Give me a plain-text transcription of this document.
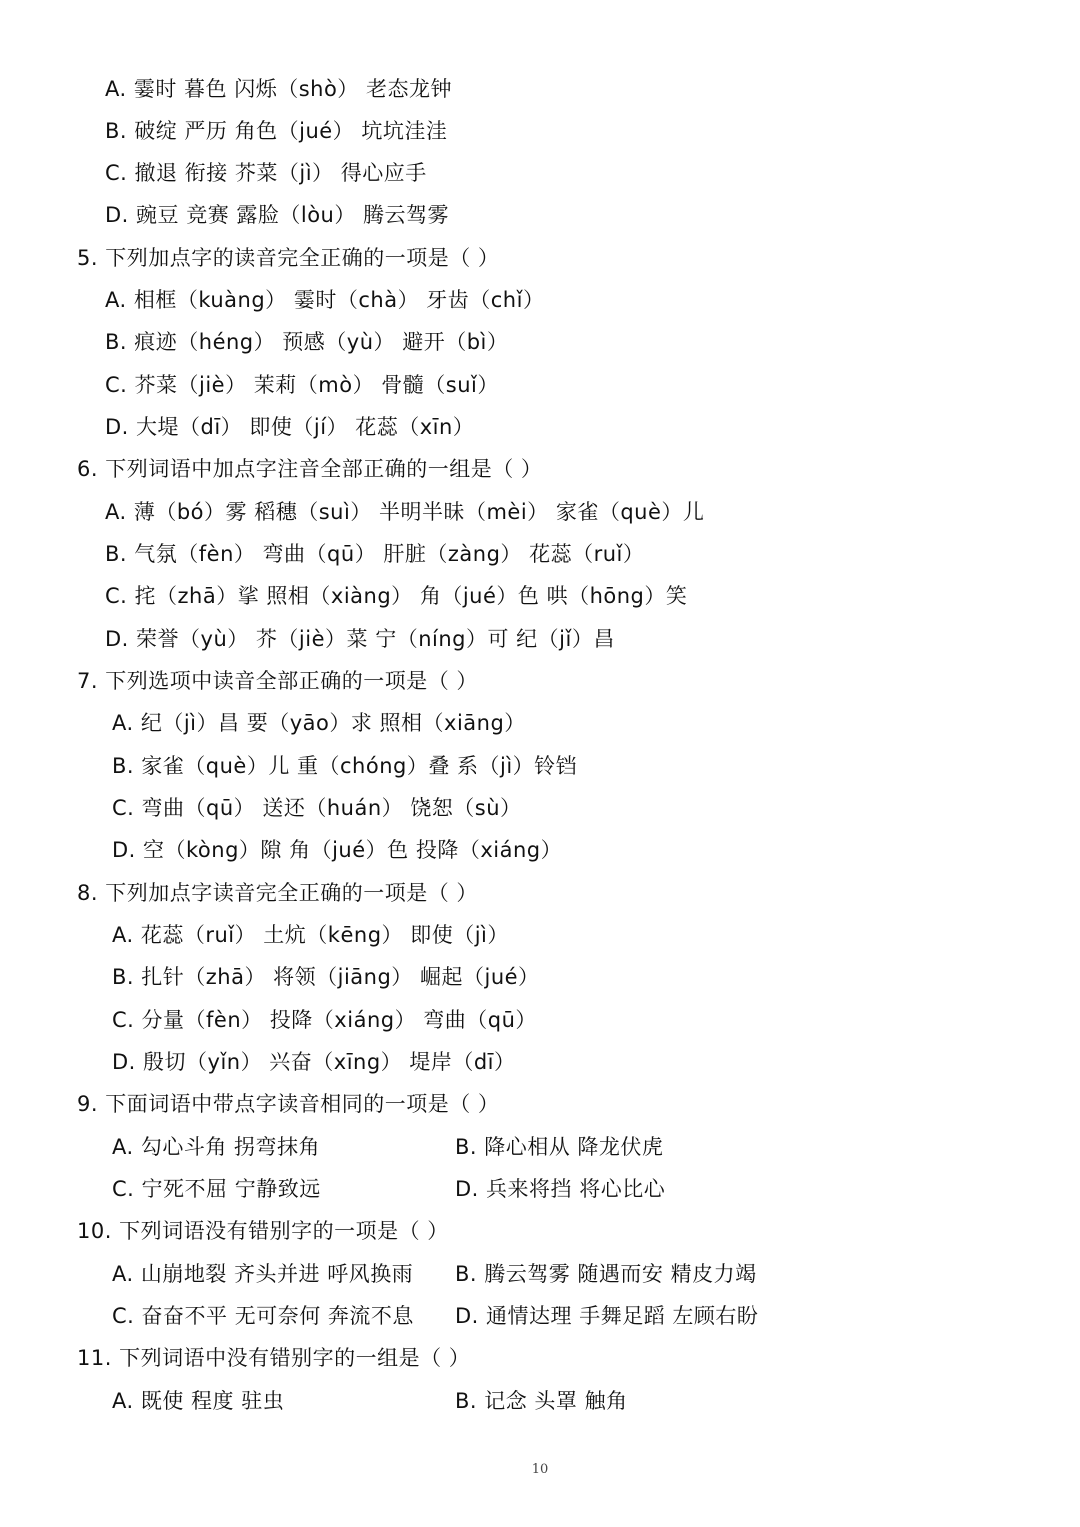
A. 霎时 暮色 闪烁（shò） 老态龙钟
B. 破绽 严历 角色（jué） 坑坑洼洼
C. 撤退 衔接 芥菜（jì） 得心应手
D. 豌豆 竞赛 露脸（lòu） 腾云驾雾
5. 下列加点字的读音完全正确的一项是（ ）
A. 相框（kuàng） 霎时（chà） 牙齿（chǐ）
B. 痕迹（héng） 预感（yù） 避开（bì）
C. 芥菜（jiè） 茉莉（mò） 骨髓（suǐ）
D. 大堤（dī） 即使（jí） 花蕊（xīn）
6. 下列词语中加点字注音全部正确的一组是（ ）
A. 薄（bó）雾 稻穗（suì） 半明半昧（mèi） 家雀（què）儿
B. 气氛（fèn） 弯曲（qū） 肝脏（zàng） 花蕊（ruǐ）
C. 挓（zhā）挲 照相（xiàng） 角（jué）色 哄（hōng）笑
D. 荣誉（yù） 芥（jiè）菜 宁（níng）可 纪（jǐ）昌
7. 下列选项中读音全部正确的一项是（ ）
A. 纪（jì）昌 要（yāo）求 照相（xiāng）
B. 家雀（què）儿 重（chóng）叠 系（jì）铃铛
C. 弯曲（qū） 送还（huán） 饶恕（sù）
D. 空（kòng）隙 角（jué）色 投降（xiáng）
8. 下列加点字读音完全正确的一项是（ ）
A. 花蕊（ruǐ） 土炕（kēng） 即使（jì）
B. 扎针（zhā） 将领（jiāng） 崛起（jué）
C. 分量（fèn） 投降（xiáng） 弯曲（qū）
D. 殷切（yǐn） 兴奋（xīng） 堤岸（dī）
9. 下面词语中带点字读音相同的一项是（ ）
10. 下列词语没有错别字的一项是（ ）
11. 下列词语中没有错别字的一组是（ ）
A. 勾心斗角 拐弯抹角	B. 降心相从 降龙伏虎
C. 宁死不屈 宁静致远	D. 兵来将挡 将心比心
A. 山崩地裂 齐头并进 呼风换雨 B. 腾云驾雾 随遇而安 精皮力竭
C. 奋奋不平 无可奈何 奔流不息 D. 通情达理 手舞足蹈 左顾右盼
A. 既使 程度 驻虫	B. 记念 头罩 触角
10
